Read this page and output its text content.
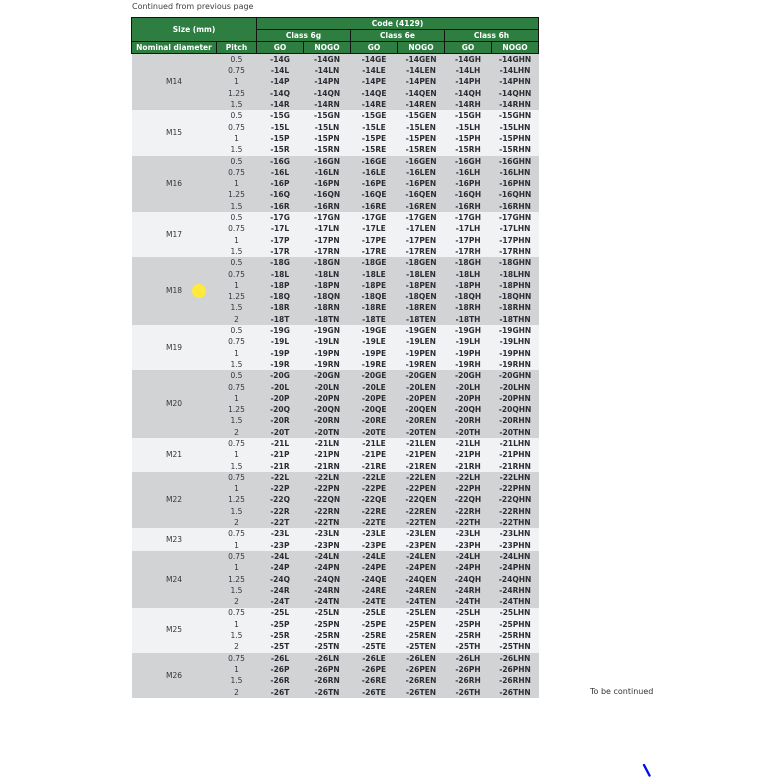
Continued from previous page
Size (mm)		Code (4129)					
		Class 6g		Class 6e		Class 6h	
Nominal diameter	Pitch	GO	NOGO	GO	NOGO	GO	NOGO
M14	0.5	-14G	-14GN	-14GE	-14GEN	-14GH	-14GHN
	0.75	-14L	-14LN	-14LE	-14LEN	-14LH	-14LHN
	1	-14P	-14PN	-14PE	-14PEN	-14PH	-14PHN
	1.25	-14Q	-14QN	-14QE	-14QEN	-14QH	-14QHN
	1.5	-14R	-14RN	-14RE	-14REN	-14RH	-14RHN
M15	0.5	-15G	-15GN	-15GE	-15GEN	-15GH	-15GHN
	0.75	-15L	-15LN	-15LE	-15LEN	-15LH	-15LHN
	1	-15P	-15PN	-15PE	-15PEN	-15PH	-15PHN
	1.5	-15R	-15RN	-15RE	-15REN	-15RH	-15RHN
M16	0.5	-16G	-16GN	-16GE	-16GEN	-16GH	-16GHN
	0.75	-16L	-16LN	-16LE	-16LEN	-16LH	-16LHN
	1	-16P	-16PN	-16PE	-16PEN	-16PH	-16PHN
	1.25	-16Q	-16QN	-16QE	-16QEN	-16QH	-16QHN
	1.5	-16R	-16RN	-16RE	-16REN	-16RH	-16RHN
M17	0.5	-17G	-17GN	-17GE	-17GEN	-17GH	-17GHN
	0.75	-17L	-17LN	-17LE	-17LEN	-17LH	-17LHN
	1	-17P	-17PN	-17PE	-17PEN	-17PH	-17PHN
	1.5	-17R	-17RN	-17RE	-17REN	-17RH	-17RHN
M18	0.5	-18G	-18GN	-18GE	-18GEN	-18GH	-18GHN
	0.75	-18L	-18LN	-18LE	-18LEN	-18LH	-18LHN
	1	-18P	-18PN	-18PE	-18PEN	-18PH	-18PHN
	1.25	-18Q	-18QN	-18QE	-18QEN	-18QH	-18QHN
	1.5	-18R	-18RN	-18RE	-18REN	-18RH	-18RHN
	2	-18T	-18TN	-18TE	-18TEN	-18TH	-18THN
M19	0.5	-19G	-19GN	-19GE	-19GEN	-19GH	-19GHN
	0.75	-19L	-19LN	-19LE	-19LEN	-19LH	-19LHN
	1	-19P	-19PN	-19PE	-19PEN	-19PH	-19PHN
	1.5	-19R	-19RN	-19RE	-19REN	-19RH	-19RHN
M20	0.5	-20G	-20GN	-20GE	-20GEN	-20GH	-20GHN
	0.75	-20L	-20LN	-20LE	-20LEN	-20LH	-20LHN
	1	-20P	-20PN	-20PE	-20PEN	-20PH	-20PHN
	1.25	-20Q	-20QN	-20QE	-20QEN	-20QH	-20QHN
	1.5	-20R	-20RN	-20RE	-20REN	-20RH	-20RHN
	2	-20T	-20TN	-20TE	-20TEN	-20TH	-20THN
M21	0.75	-21L	-21LN	-21LE	-21LEN	-21LH	-21LHN
	1	-21P	-21PN	-21PE	-21PEN	-21PH	-21PHN
	1.5	-21R	-21RN	-21RE	-21REN	-21RH	-21RHN
M22	0.75	-22L	-22LN	-22LE	-22LEN	-22LH	-22LHN
	1	-22P	-22PN	-22PE	-22PEN	-22PH	-22PHN
	1.25	-22Q	-22QN	-22QE	-22QEN	-22QH	-22QHN
	1.5	-22R	-22RN	-22RE	-22REN	-22RH	-22RHN
	2	-22T	-22TN	-22TE	-22TEN	-22TH	-22THN
M23	0.75	-23L	-23LN	-23LE	-23LEN	-23LH	-23LHN
	1	-23P	-23PN	-23PE	-23PEN	-23PH	-23PHN
M24	0.75	-24L	-24LN	-24LE	-24LEN	-24LH	-24LHN
	1	-24P	-24PN	-24PE	-24PEN	-24PH	-24PHN
	1.25	-24Q	-24QN	-24QE	-24QEN	-24QH	-24QHN
	1.5	-24R	-24RN	-24RE	-24REN	-24RH	-24RHN
	2	-24T	-24TN	-24TE	-24TEN	-24TH	-24THN
M25	0.75	-25L	-25LN	-25LE	-25LEN	-25LH	-25LHN
	1	-25P	-25PN	-25PE	-25PEN	-25PH	-25PHN
	1.5	-25R	-25RN	-25RE	-25REN	-25RH	-25RHN
	2	-25T	-25TN	-25TE	-25TEN	-25TH	-25THN
M26	0.75	-26L	-26LN	-26LE	-26LEN	-26LH	-26LHN
	1	-26P	-26PN	-26PE	-26PEN	-26PH	-26PHN
	1.5	-26R	-26RN	-26RE	-26REN	-26RH	-26RHN
	2	-26T	-26TN	-26TE	-26TEN	-26TH	-26THN	To be continued
